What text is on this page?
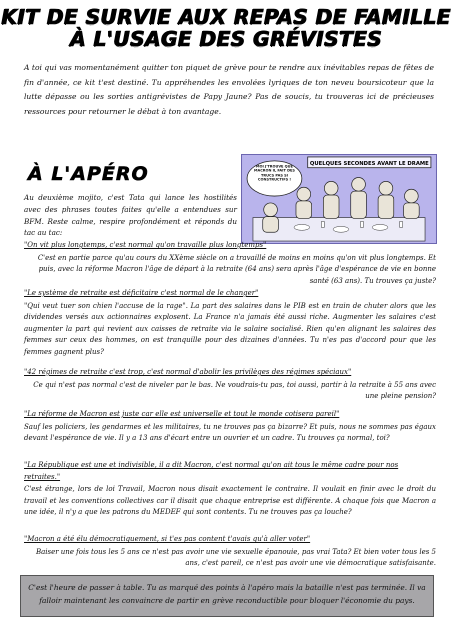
KIT DE SURVIE AUX REPAS DE FAMILLE
À L'USAGE DES GRÉVISTES

A toi qui vas momentanément quitter ton piquet de grève pour te rendre aux inévitables repas de fêtes de fin d'année, ce kit t'est destiné. Tu appréhendes les envolées lyriques de ton neveu boursicoteur que la lutte dépasse ou les sorties antigrévistes de Papy Jaune? Pas de soucis, tu trouveras ici de précieuses ressources pour retourner le débat à ton avantage.

À L'APÉRO

Au deuxième mojito, c'est Tata qui lance les hostilités avec des phrases toutes faites qu'elle a entendues sur BFM. Reste calme, respire profondément et réponds du tac au tac:

QUELQUES SECONDES AVANT LE DRAME
MOI J'TROUVE QUE MACRON IL FAIT DES TRUCS PAS SI CONSTRUCTIFS !
"On vit plus longtemps, c'est normal qu'on travaille plus longtemps"
C'est en partie parce qu'au cours du XXème siècle on a travaillé de moins en moins qu'on vit plus longtemps. Et puis, avec la réforme Macron l'âge de départ à la retraite (64 ans) sera après l'âge d'espérance de vie en bonne santé (63 ans). Tu trouves ça juste?
"Le système de retraite est déficitaire c'est normal de le changer"
"Qui veut tuer son chien l'accuse de la rage". La part des salaires dans le PIB est en train de chuter alors que les dividendes versés aux actionnaires explosent. La France n'a jamais été aussi riche. Augmenter les salaires c'est augmenter la part qui revient aux caisses de retraite via le salaire socialisé. Rien qu'en alignant les salaires des femmes sur ceux des hommes, on est tranquille pour des dizaines d'années. Tu n'es pas d'accord pour que les femmes gagnent plus?
"42 régimes de retraite c'est trop, c'est normal d'abolir les privilèges des régimes spéciaux"
Ce qui n'est pas normal c'est de niveler par le bas. Ne voudrais-tu pas, toi aussi, partir à la retraite à 55 ans avec une pleine pension?
"La réforme de Macron est juste car elle est universelle et tout le monde cotisera pareil"
Sauf les policiers, les gendarmes et les militaires, tu ne trouves pas ça bizarre? Et puis, nous ne sommes pas égaux devant l'espérance de vie. Il y a 13 ans d'écart entre un ouvrier et un cadre. Tu trouves ça normal, toi?
"La République est une et indivisible, il a dit Macron, c'est normal qu'on ait tous le même cadre pour nos retraites."
C'est étrange, lors de loi Travail, Macron nous disait exactement le contraire. Il voulait en finir avec le droit du travail et les conventions collectives car il disait que chaque entreprise est différente. A chaque fois que Macron a une idée, il n'y a que les patrons du MEDEF qui sont contents. Tu ne trouves pas ça louche?
"Macron a été élu démocratiquement, si t'es pas content t'avais qu'à aller voter"
Baiser une fois tous les 5 ans ce n'est pas avoir une vie sexuelle épanouie, pas vrai Tata? Et bien voter tous les 5 ans, c'est pareil, ce n'est pas avoir une vie démocratique satisfaisante.
C'est l'heure de passer à table. Tu as marqué des points à l'apéro mais la bataille n'est pas terminée. Il va falloir maintenant les convaincre de partir en grève reconductible pour bloquer l'économie du pays.
